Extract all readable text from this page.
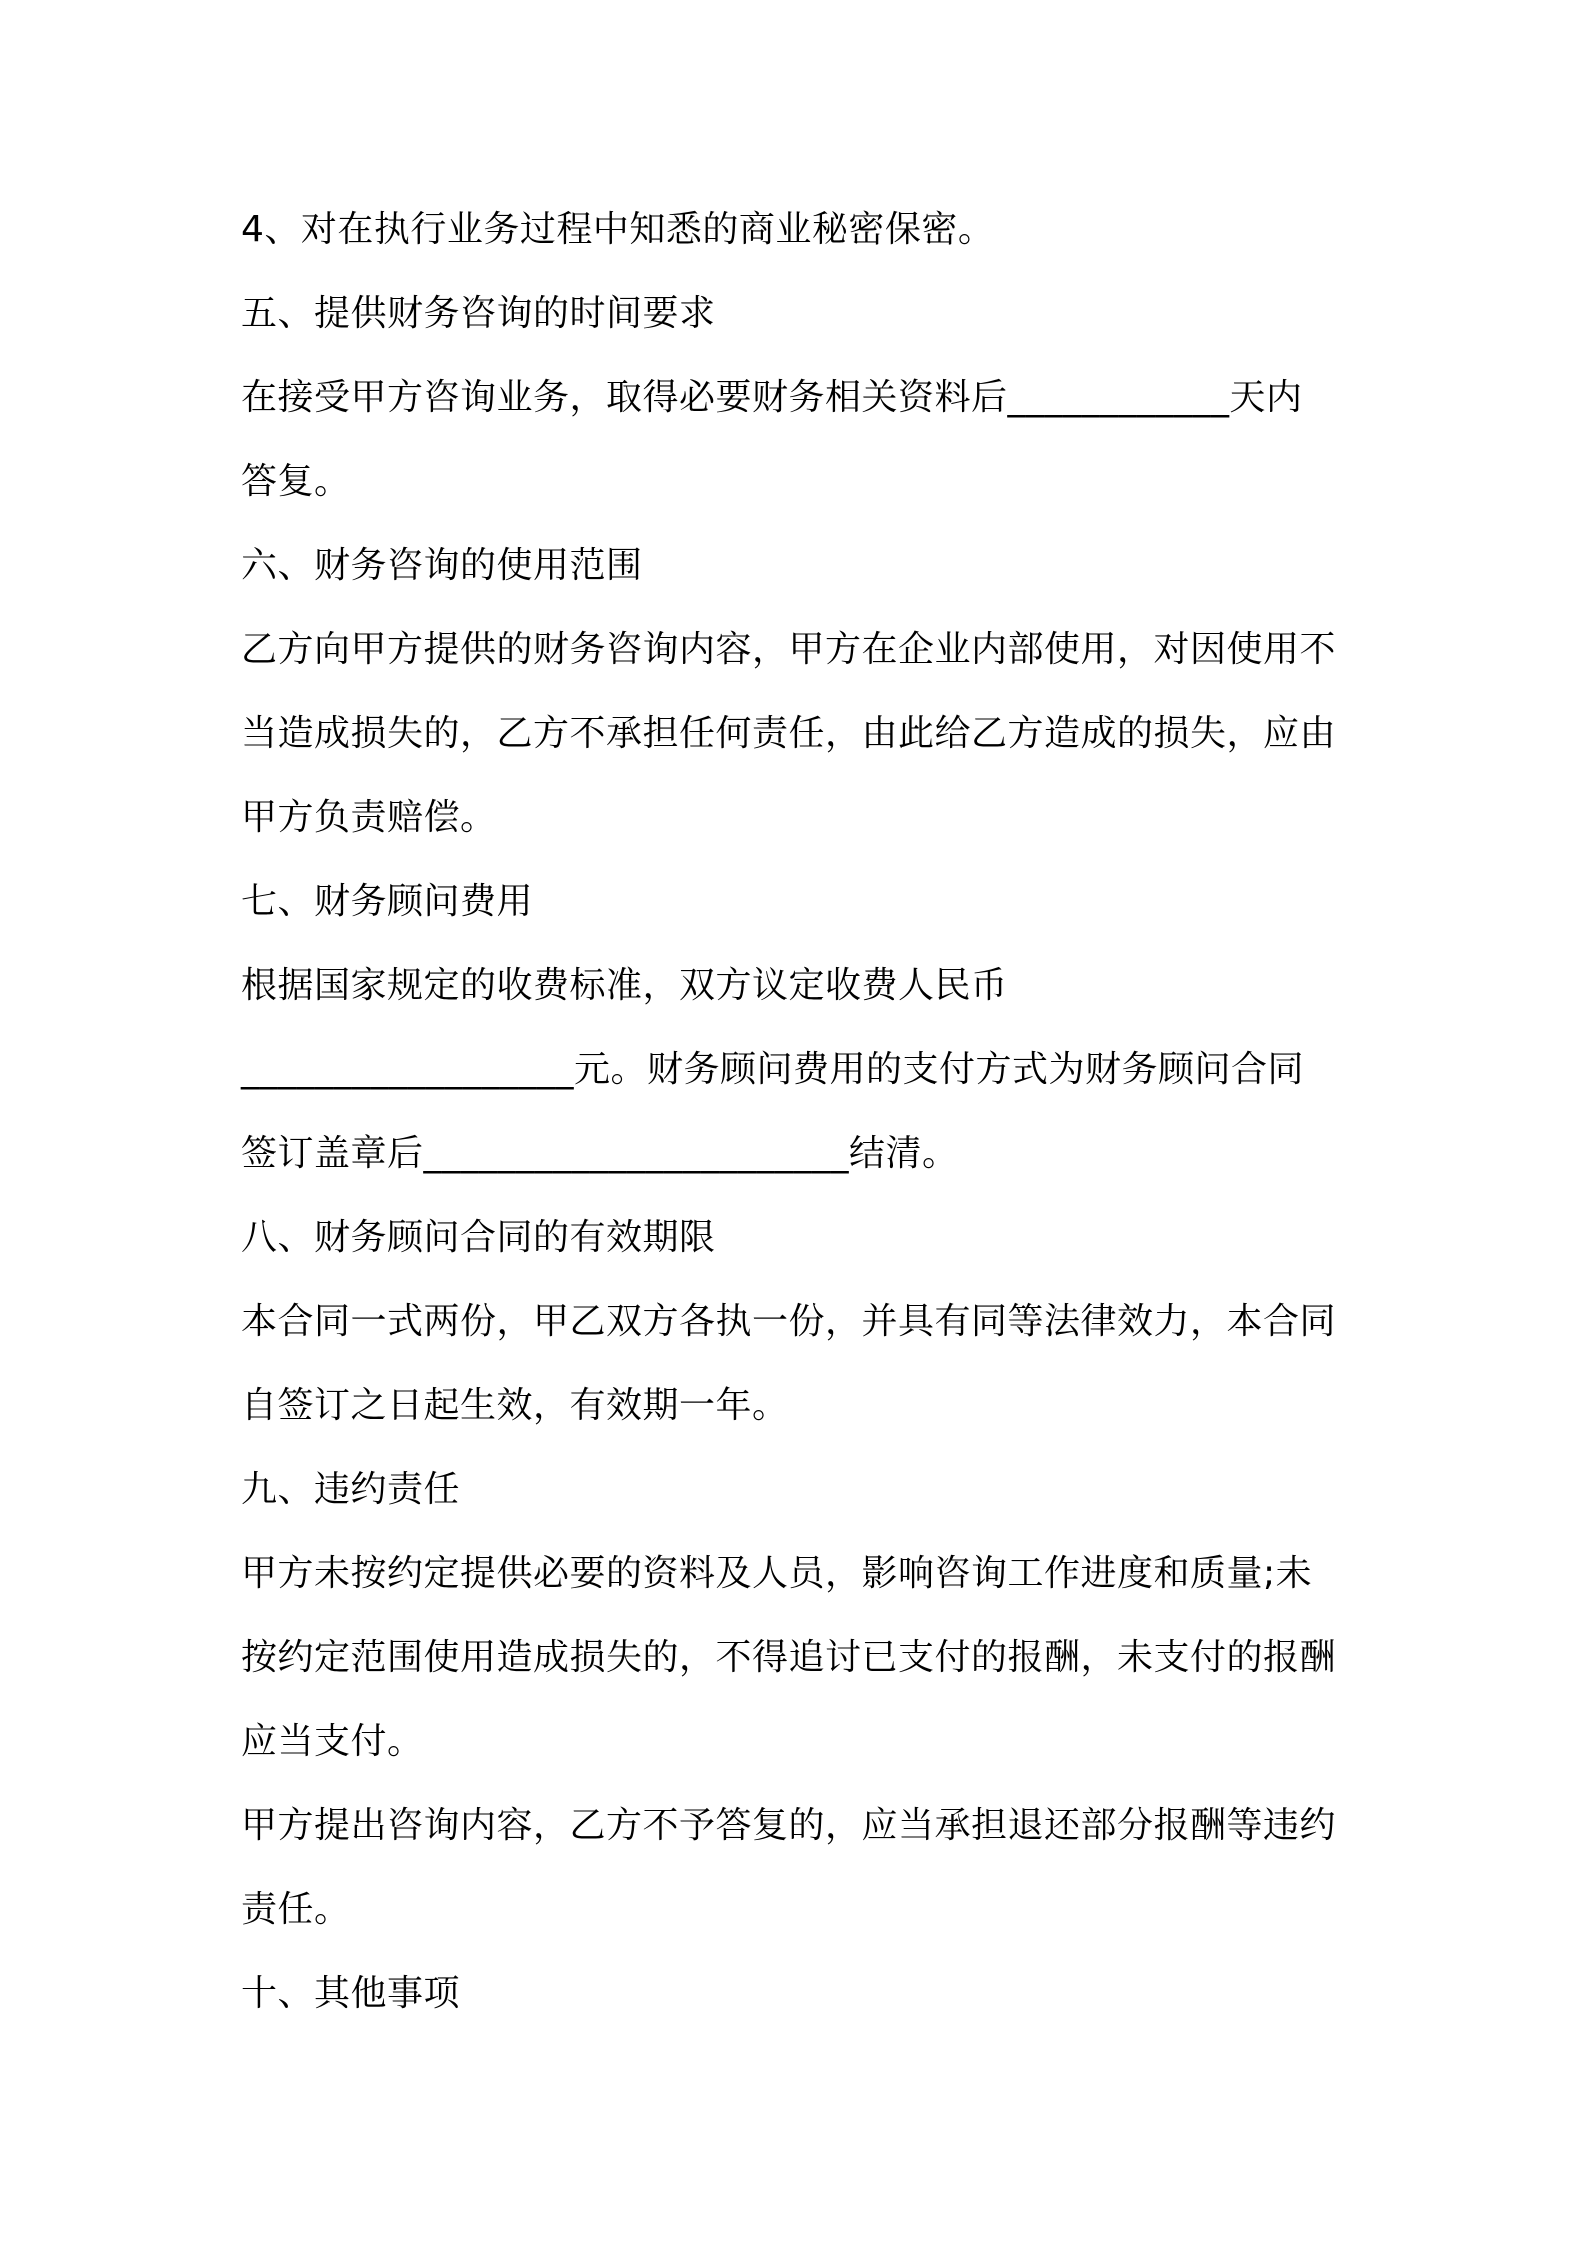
4、对在执行业务过程中知悉的商业秘密保密。
五、提供财务咨询的时间要求
在接受甲方咨询业务，取得必要财务相关资料后____________天内
答复。
六、财务咨询的使用范围
乙方向甲方提供的财务咨询内容，甲方在企业内部使用，对因使用不
当造成损失的，乙方不承担任何责任，由此给乙方造成的损失，应由
甲方负责赔偿。
七、财务顾问费用
根据国家规定的收费标准，双方议定收费人民币
__________________元。财务顾问费用的支付方式为财务顾问合同
签订盖章后_______________________结清。
八、财务顾问合同的有效期限
本合同一式两份，甲乙双方各执一份，并具有同等法律效力，本合同
自签订之日起生效，有效期一年。
九、违约责任
甲方未按约定提供必要的资料及人员，影响咨询工作进度和质量;未
按约定范围使用造成损失的，不得追讨已支付的报酬，未支付的报酬
应当支付。
甲方提出咨询内容，乙方不予答复的，应当承担退还部分报酬等违约
责任。
十、其他事项
